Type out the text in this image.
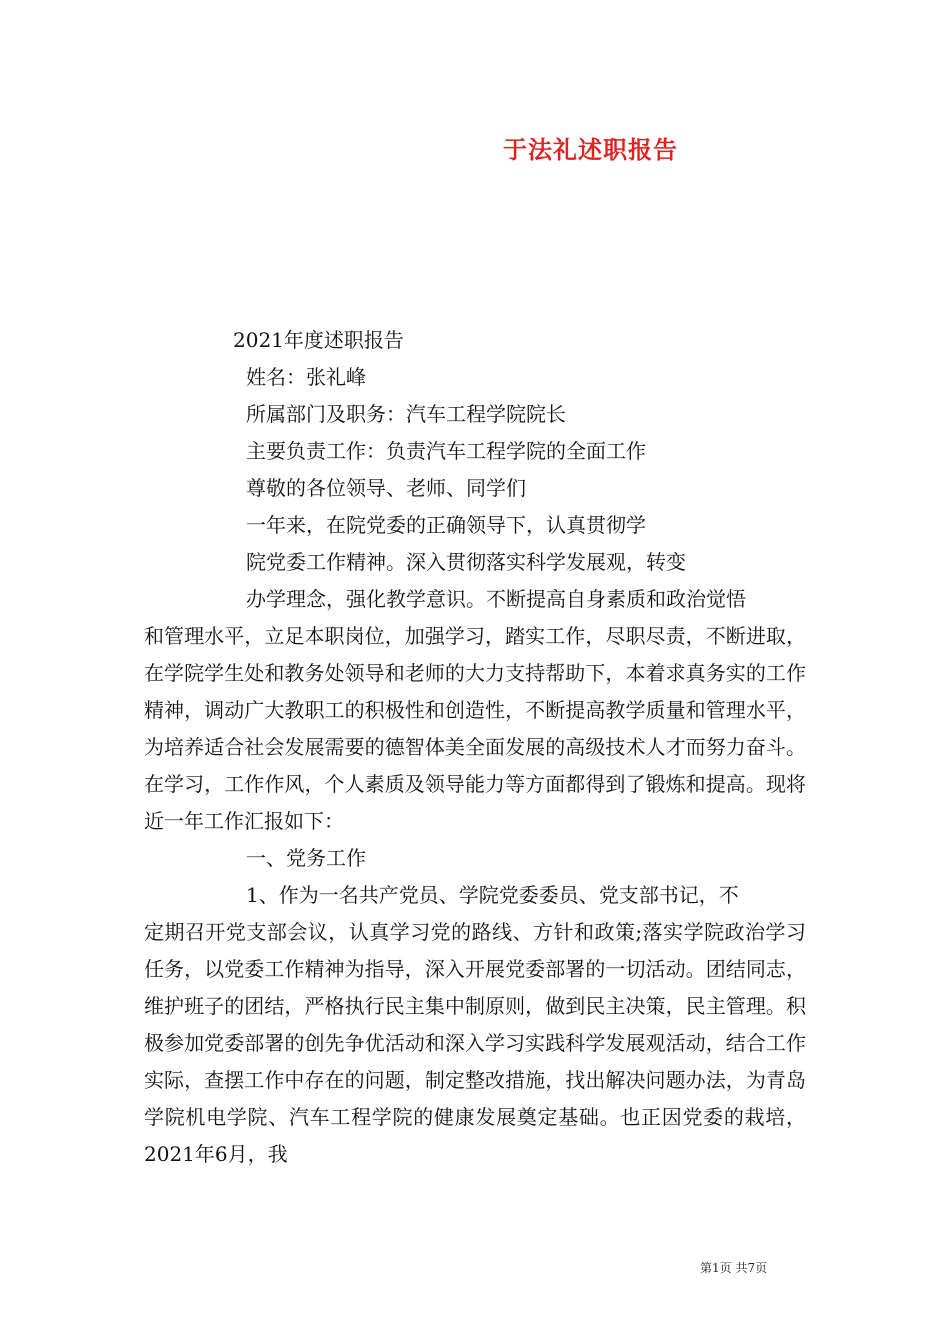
于法礼述职报告

2021年度述职报告

姓名：张礼峰

所属部门及职务：汽车工程学院院长

主要负责工作：负责汽车工程学院的全面工作

尊敬的各位领导、老师、同学们

一年来，在院党委的正确领导下，认真贯彻学

院党委工作精神。深入贯彻落实科学发展观，转变

办学理念，强化教学意识。不断提高自身素质和政治觉悟

和管理水平，立足本职岗位，加强学习，踏实工作，尽职尽责，不断进取，在学院学生处和教务处领导和老师的大力支持帮助下，本着求真务实的工作精神，调动广大教职工的积极性和创造性，不断提高教学质量和管理水平，为培养适合社会发展需要的德智体美全面发展的高级技术人才而努力奋斗。在学习，工作作风，个人素质及领导能力等方面都得到了锻炼和提高。现将近一年工作汇报如下：

一、党务工作

1、作为一名共产党员、学院党委委员、党支部书记，不

定期召开党支部会议，认真学习党的路线、方针和政策;落实学院政治学习任务，以党委工作精神为指导，深入开展党委部署的一切活动。团结同志，维护班子的团结，严格执行民主集中制原则，做到民主决策，民主管理。积极参加党委部署的创先争优活动和深入学习实践科学发展观活动，结合工作实际，查摆工作中存在的问题，制定整改措施，找出解决问题办法，为青岛学院机电学院、汽车工程学院的健康发展奠定基础。也正因党委的栽培，2021年6月，我

第1页 共7页
